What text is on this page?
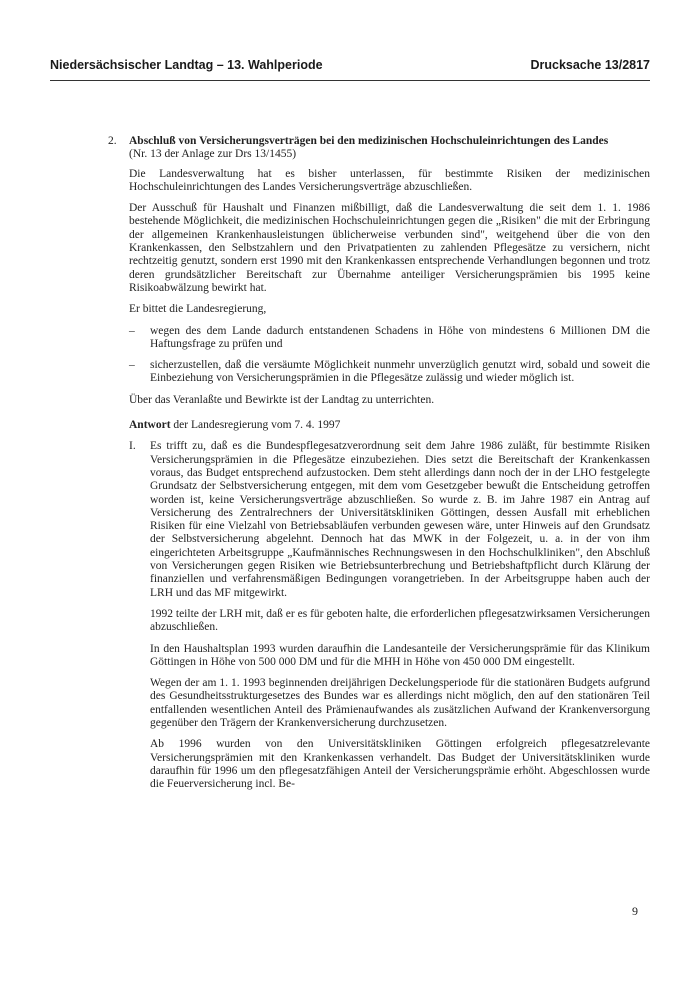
Niedersächsischer Landtag – 13. Wahlperiode	Drucksache 13/2817
2. Abschluß von Versicherungsverträgen bei den medizinischen Hochschuleinrichtungen des Landes
(Nr. 13 der Anlage zur Drs 13/1455)

Die Landesverwaltung hat es bisher unterlassen, für bestimmte Risiken der medizinischen Hochschuleinrichtungen des Landes Versicherungsverträge abzuschließen.

Der Ausschuß für Haushalt und Finanzen mißbilligt, daß die Landesverwaltung die seit dem 1. 1. 1986 bestehende Möglichkeit, die medizinischen Hochschuleinrichtungen gegen die „Risiken" die mit der Erbringung der allgemeinen Krankenhausleistungen üblicherweise verbunden sind", weitgehend über die von den Krankenkassen, den Selbstzahlern und den Privatpatienten zu zahlenden Pflegesätze zu versichern, nicht rechtzeitig genutzt, sondern erst 1990 mit den Krankenkassen entsprechende Verhandlungen begonnen und trotz deren grundsätzlicher Bereitschaft zur Übernahme anteiliger Versicherungsprämien bis 1995 keine Risikoabwälzung bewirkt hat.

Er bittet die Landesregierung,

– wegen des dem Lande dadurch entstandenen Schadens in Höhe von mindestens 6 Millionen DM die Haftungsfrage zu prüfen und
– sicherzustellen, daß die versäumte Möglichkeit nunmehr unverzüglich genutzt wird, sobald und soweit die Einbeziehung von Versicherungsprämien in die Pflegesätze zulässig und wieder möglich ist.

Über das Veranlaßte und Bewirkte ist der Landtag zu unterrichten.

Antwort der Landesregierung vom 7. 4. 1997
I. Es trifft zu, daß es die Bundespflegesatzverordnung seit dem Jahre 1986 zuläßt, für bestimmte Risiken Versicherungsprämien in die Pflegesätze einzubeziehen. Dies setzt die Bereitschaft der Krankenkassen voraus, das Budget entsprechend aufzustocken. Dem steht allerdings dann noch der in der LHO festgelegte Grundsatz der Selbstversicherung entgegen, mit dem vom Gesetzgeber bewußt die Entscheidung getroffen worden ist, keine Versicherungsverträge abzuschließen. So wurde z. B. im Jahre 1987 ein Antrag auf Versicherung des Zentralrechners der Universitätskliniken Göttingen, dessen Ausfall mit erheblichen Risiken für eine Vielzahl von Betriebsabläufen verbunden gewesen wäre, unter Hinweis auf den Grundsatz der Selbstversicherung abgelehnt. Dennoch hat das MWK in der Folgezeit, u. a. in der von ihm eingerichteten Arbeitsgruppe „Kaufmännisches Rechnungswesen in den Hochschulkliniken", den Abschluß von Versicherungen gegen Risiken wie Betriebsunterbrechung und Betriebshaftpflicht durch Klärung der finanziellen und verfahrensmäßigen Bedingungen vorangetrieben. In der Arbeitsgruppe haben auch der LRH und das MF mitgewirkt.

1992 teilte der LRH mit, daß er es für geboten halte, die erforderlichen pflegesatzwirksamen Versicherungen abzuschließen.

In den Haushaltsplan 1993 wurden daraufhin die Landesanteile der Versicherungsprämie für das Klinikum Göttingen in Höhe von 500 000 DM und für die MHH in Höhe von 450 000 DM eingestellt.

Wegen der am 1. 1. 1993 beginnenden dreijährigen Deckelungsperiode für die stationären Budgets aufgrund des Gesundheitsstrukturgesetzes des Bundes war es allerdings nicht möglich, den auf den stationären Teil entfallenden wesentlichen Anteil des Prämienaufwandes als zusätzlichen Aufwand der Krankenversorgung gegenüber den Trägern der Krankenversicherung durchzusetzen.

Ab 1996 wurden von den Universitätskliniken Göttingen erfolgreich pflegesatzrelevante Versicherungsprämien mit den Krankenkassen verhandelt. Das Budget der Universitätskliniken wurde daraufhin für 1996 um den pflegesatzfähigen Anteil der Versicherungsprämie erhöht. Abgeschlossen wurde die Feuerversicherung incl. Be-

9
